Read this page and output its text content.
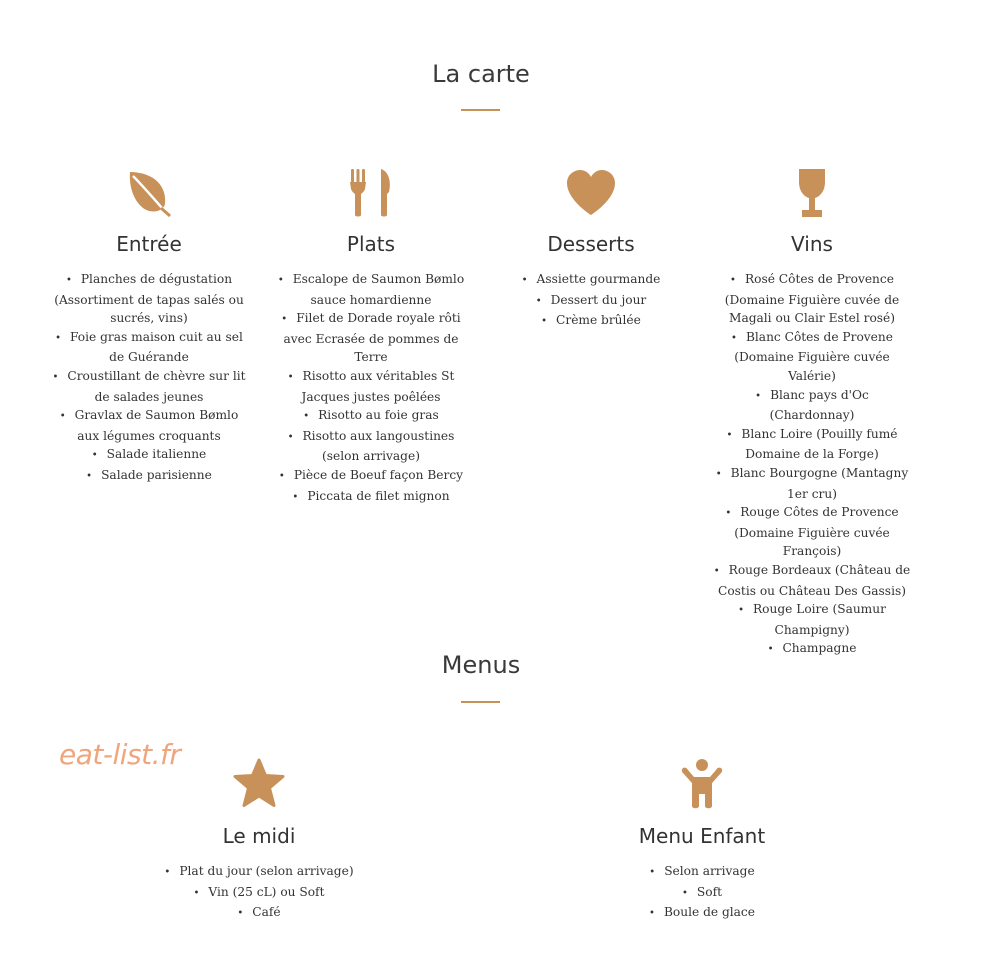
La carte
Entrée
• Planches de dégustation (Assortiment de tapas salés ou sucrés, vins)
• Foie gras maison cuit au sel de Guérande
• Croustillant de chèvre sur lit de salades jeunes
• Gravlax de Saumon Bømlo aux légumes croquants
• Salade italienne
• Salade parisienne
Plats
• Escalope de Saumon Bømlo sauce homardienne
• Filet de Dorade royale rôti avec Ecrasée de pommes de Terre
• Risotto aux véritables St Jacques justes poêlées
• Risotto au foie gras
• Risotto aux langoustines (selon arrivage)
• Pièce de Boeuf façon Bercy
• Piccata de filet mignon
Desserts
• Assiette gourmande
• Dessert du jour
• Crème brûlée
Vins
• Rosé Côtes de Provence (Domaine Figuière cuvée de Magali ou Clair Estel rosé)
• Blanc Côtes de Provene (Domaine Figuière cuvée Valérie)
• Blanc pays d'Oc (Chardonnay)
• Blanc Loire (Pouilly fumé Domaine de la Forge)
• Blanc Bourgogne (Mantagny 1er cru)
• Rouge Côtes de Provence (Domaine Figuière cuvée François)
• Rouge Bordeaux (Château de Costis ou Château Des Gassis)
• Rouge Loire (Saumur Champigny)
• Champagne
Menus
eat-list.fr
Le midi
• Plat du jour (selon arrivage)
• Vin (25 cL) ou Soft
• Café
Menu Enfant
• Selon arrivage
• Soft
• Boule de glace
